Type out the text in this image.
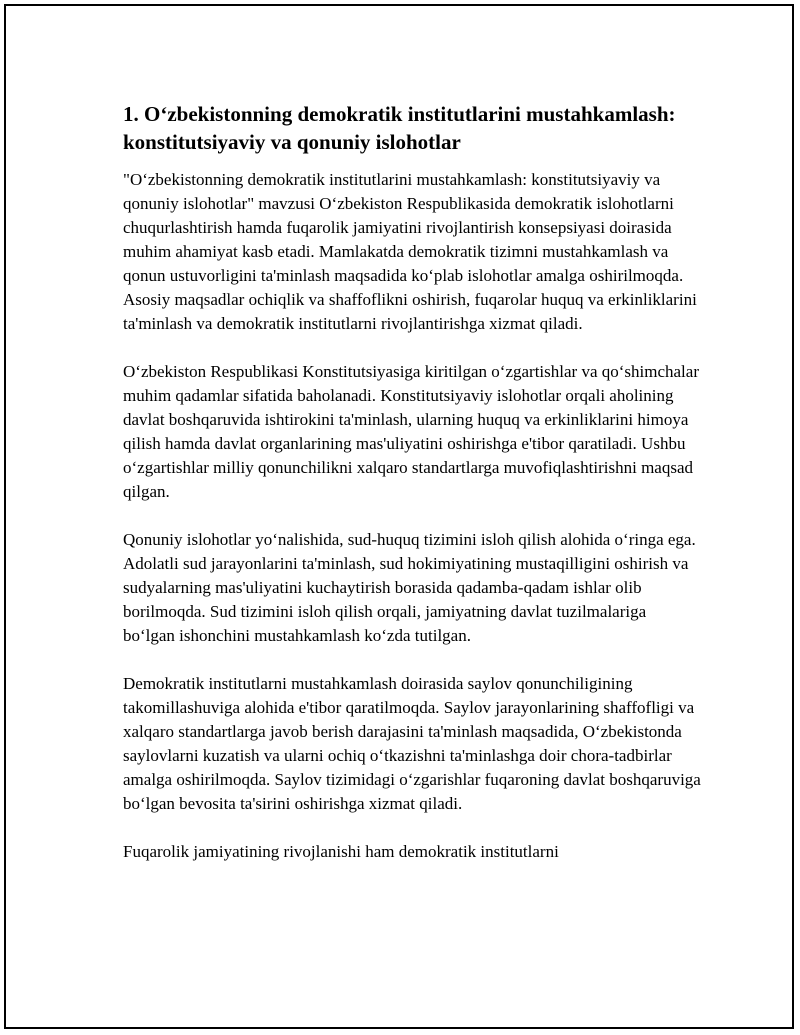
1. O‘zbekistonning demokratik institutlarini mustahkamlash: konstitutsiyaviy va qonuniy islohotlar

"O‘zbekistonning demokratik institutlarini mustahkamlash: konstitutsiyaviy va qonuniy islohotlar" mavzusi O‘zbekiston Respublikasida demokratik islohotlarni chuqurlashtirish hamda fuqarolik jamiyatini rivojlantirish konsepsiyasi doirasida muhim ahamiyat kasb etadi. Mamlakatda demokratik tizimni mustahkamlash va qonun ustuvorligini ta'minlash maqsadida ko‘plab islohotlar amalga oshirilmoqda. Asosiy maqsadlar ochiqlik va shaffoflikni oshirish, fuqarolar huquq va erkinliklarini ta'minlash va demokratik institutlarni rivojlantirishga xizmat qiladi.

O‘zbekiston Respublikasi Konstitutsiyasiga kiritilgan o‘zgartishlar va qo‘shimchalar muhim qadamlar sifatida baholanadi. Konstitutsiyaviy islohotlar orqali aholining davlat boshqaruvida ishtirokini ta'minlash, ularning huquq va erkinliklarini himoya qilish hamda davlat organlarining mas'uliyatini oshirishga e'tibor qaratiladi. Ushbu o‘zgartishlar milliy qonunchilikni xalqaro standartlarga muvofiqlashtirishni maqsad qilgan.

Qonuniy islohotlar yo‘nalishida, sud-huquq tizimini isloh qilish alohida o‘ringa ega. Adolatli sud jarayonlarini ta'minlash, sud hokimiyatining mustaqilligini oshirish va sudyalarning mas'uliyatini kuchaytirish borasida qadamba-qadam ishlar olib borilmoqda. Sud tizimini isloh qilish orqali, jamiyatning davlat tuzilmalariga bo‘lgan ishonchini mustahkamlash ko‘zda tutilgan.

Demokratik institutlarni mustahkamlash doirasida saylov qonunchiligining takomillashuviga alohida e'tibor qaratilmoqda. Saylov jarayonlarining shaffofligi va xalqaro standartlarga javob berish darajasini ta'minlash maqsadida, O‘zbekistonda saylovlarni kuzatish va ularni ochiq o‘tkazishni ta'minlashga doir chora-tadbirlar amalga oshirilmoqda. Saylov tizimidagi o‘zgarishlar fuqaroning davlat boshqaruviga bo‘lgan bevosita ta'sirini oshirishga xizmat qiladi.

Fuqarolik jamiyatining rivojlanishi ham demokratik institutlarni
